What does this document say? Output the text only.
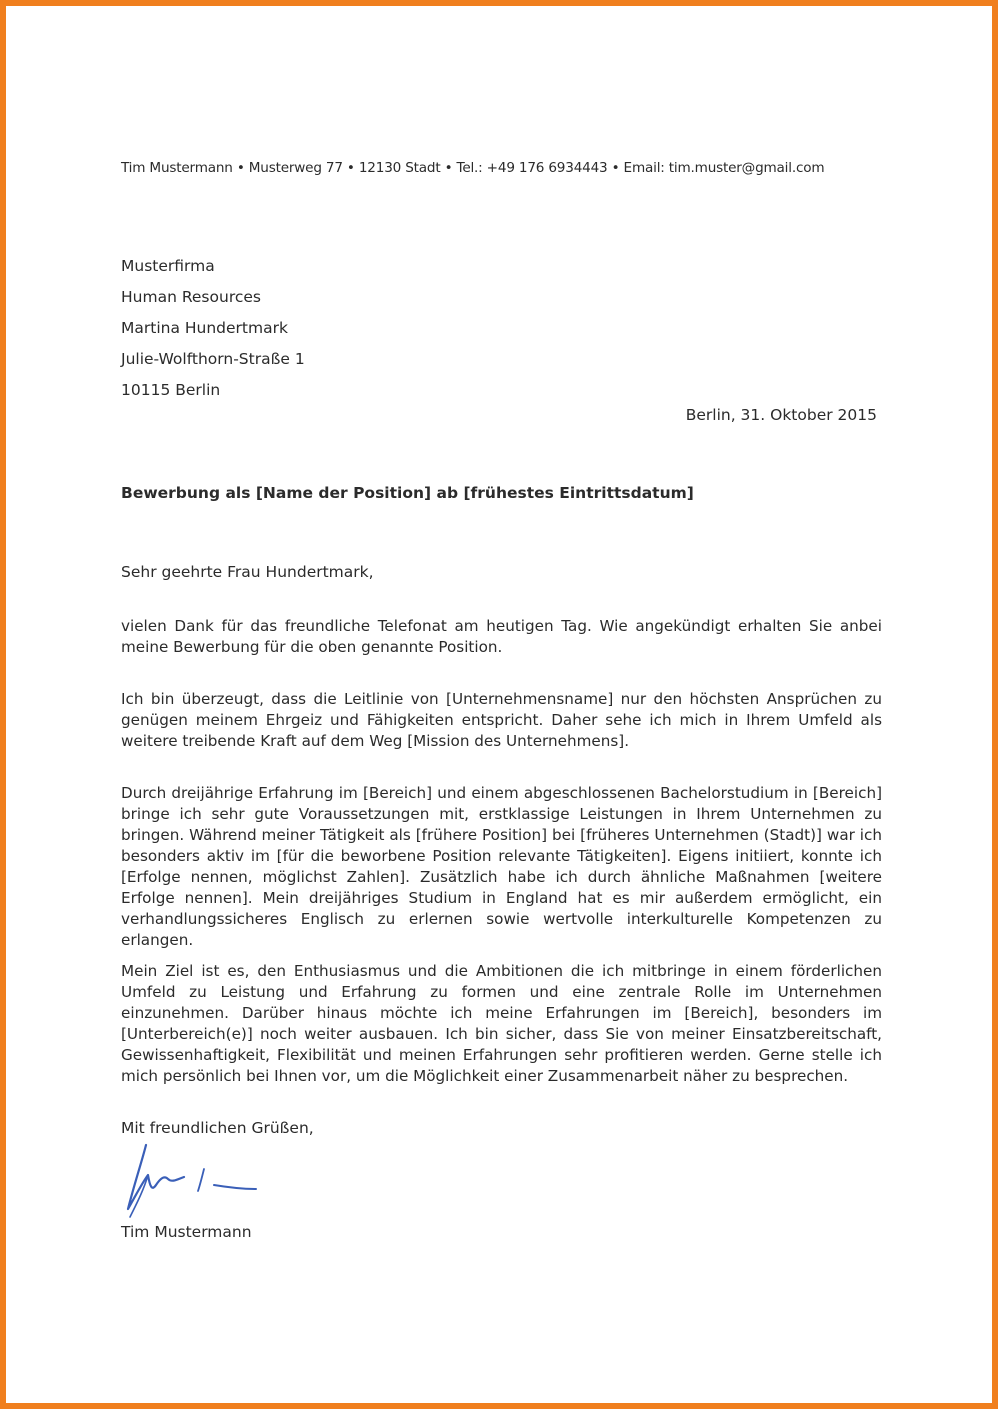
Tim Mustermann • Musterweg 77 • 12130 Stadt • Tel.: +49 176 6934443 • Email: tim.muster@gmail.com
Musterfirma
Human Resources
Martina Hundertmark
Julie-Wolfthorn-Straße 1
10115 Berlin
Berlin, 31. Oktober 2015
Bewerbung als [Name der Position] ab [frühestes Eintrittsdatum]
Sehr geehrte Frau Hundertmark,
vielen Dank für das freundliche Telefonat am heutigen Tag. Wie angekündigt erhalten Sie anbei meine Bewerbung für die oben genannte Position.
Ich bin überzeugt, dass die Leitlinie von [Unternehmensname] nur den höchsten Ansprüchen zu genügen meinem Ehrgeiz und Fähigkeiten entspricht. Daher sehe ich mich in Ihrem Umfeld als weitere treibende Kraft auf dem Weg [Mission des Unternehmens].
Durch dreijährige Erfahrung im [Bereich] und einem abgeschlossenen Bachelorstudium in [Bereich] bringe ich sehr gute Voraussetzungen mit, erstklassige Leistungen in Ihrem Unternehmen zu bringen. Während meiner Tätigkeit als [frühere Position] bei [früheres Unternehmen (Stadt)] war ich besonders aktiv im [für die beworbene Position relevante Tätigkeiten]. Eigens initiiert, konnte ich [Erfolge nennen, möglichst Zahlen]. Zusätzlich habe ich durch ähnliche Maßnahmen [weitere Erfolge nennen]. Mein dreijähriges Studium in England hat es mir außerdem ermöglicht, ein verhandlungssicheres Englisch zu erlernen sowie wertvolle interkulturelle Kompetenzen zu erlangen.
Mein Ziel ist es, den Enthusiasmus und die Ambitionen die ich mitbringe in einem förderlichen Umfeld zu Leistung und Erfahrung zu formen und eine zentrale Rolle im Unternehmen einzunehmen. Darüber hinaus möchte ich meine Erfahrungen im [Bereich], besonders im [Unterbereich(e)] noch weiter ausbauen. Ich bin sicher, dass Sie von meiner Einsatzbereitschaft, Gewissenhaftigkeit, Flexibilität und meinen Erfahrungen sehr profitieren werden. Gerne stelle ich mich persönlich bei Ihnen vor, um die Möglichkeit einer Zusammenarbeit näher zu besprechen.
Mit freundlichen Grüßen,
Tim Mustermann
